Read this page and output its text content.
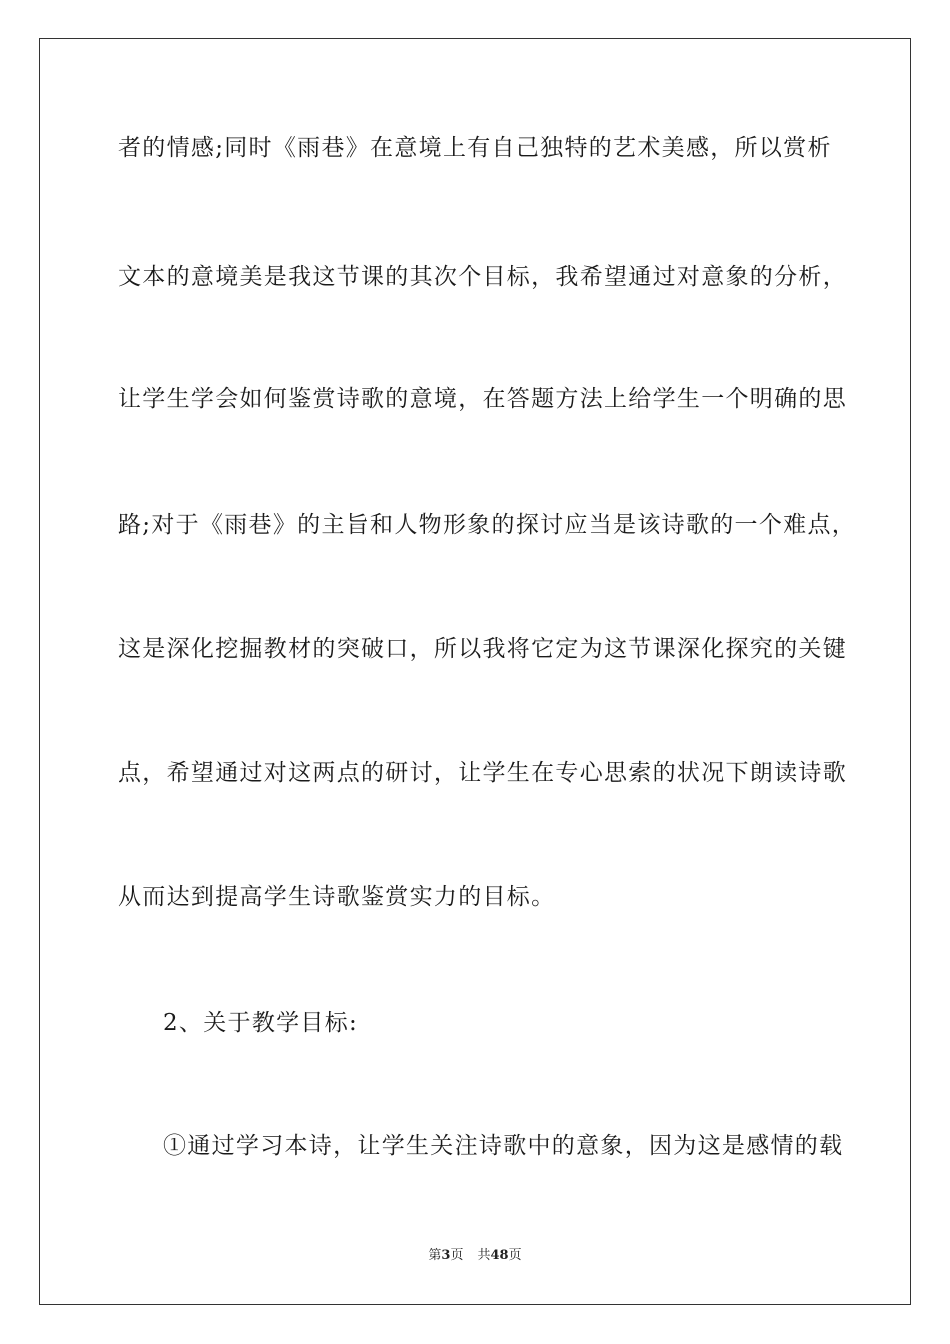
者的情感;同时《雨巷》在意境上有自己独特的艺术美感，所以赏析
文本的意境美是我这节课的其次个目标，我希望通过对意象的分析，
让学生学会如何鉴赏诗歌的意境，在答题方法上给学生一个明确的思
路;对于《雨巷》的主旨和人物形象的探讨应当是该诗歌的一个难点，
这是深化挖掘教材的突破口，所以我将它定为这节课深化探究的关键
点，希望通过对这两点的研讨，让学生在专心思索的状况下朗读诗歌
从而达到提高学生诗歌鉴赏实力的目标。
2、关于教学目标:
①通过学习本诗，让学生关注诗歌中的意象，因为这是感情的载
第3页 共48页
